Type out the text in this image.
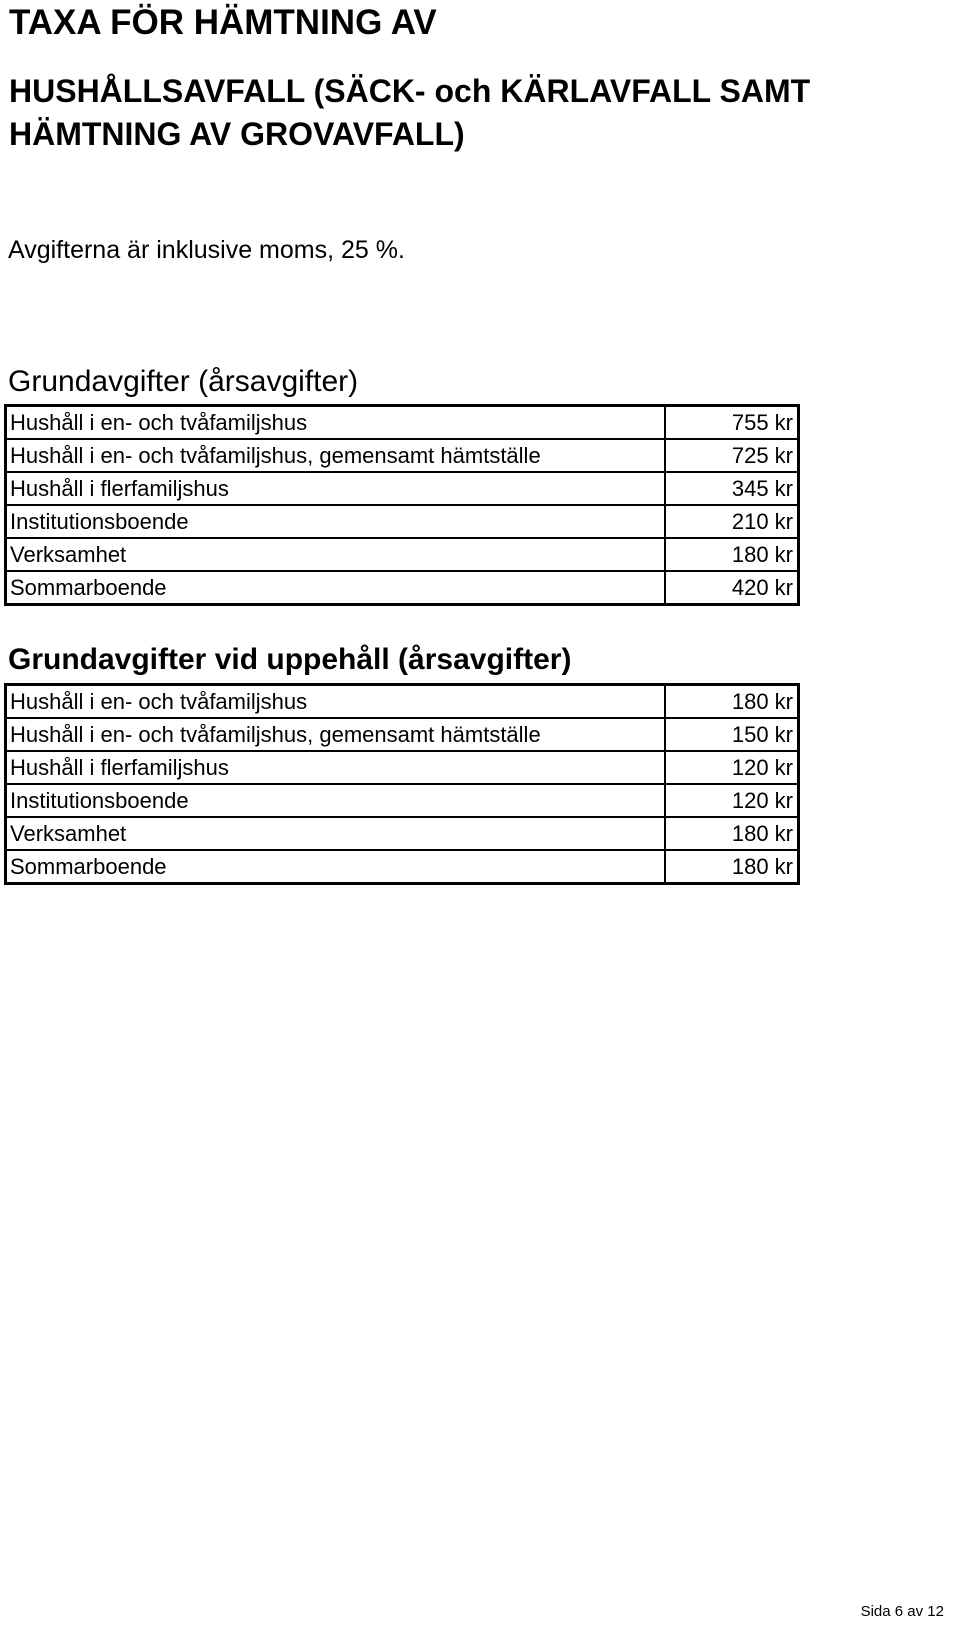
TAXA FÖR HÄMTNING AV
HUSHÅLLSAVFALL (SÄCK- och KÄRLAVFALL SAMT
HÄMTNING AV GROVAVFALL)
Avgifterna är inklusive moms, 25 %.
Grundavgifter (årsavgifter)
Hushåll i en- och tvåfamiljshus	755 kr
Hushåll i en- och tvåfamiljshus, gemensamt hämtställe	725 kr
Hushåll i flerfamiljshus	345 kr
Institutionsboende	210 kr
Verksamhet	180 kr
Sommarboende	420 kr
Grundavgifter vid uppehåll (årsavgifter)
Hushåll i en- och tvåfamiljshus	180 kr
Hushåll i en- och tvåfamiljshus, gemensamt hämtställe	150 kr
Hushåll i flerfamiljshus	120 kr
Institutionsboende	120 kr
Verksamhet	180 kr
Sommarboende	180 kr
Sida 6 av 12
